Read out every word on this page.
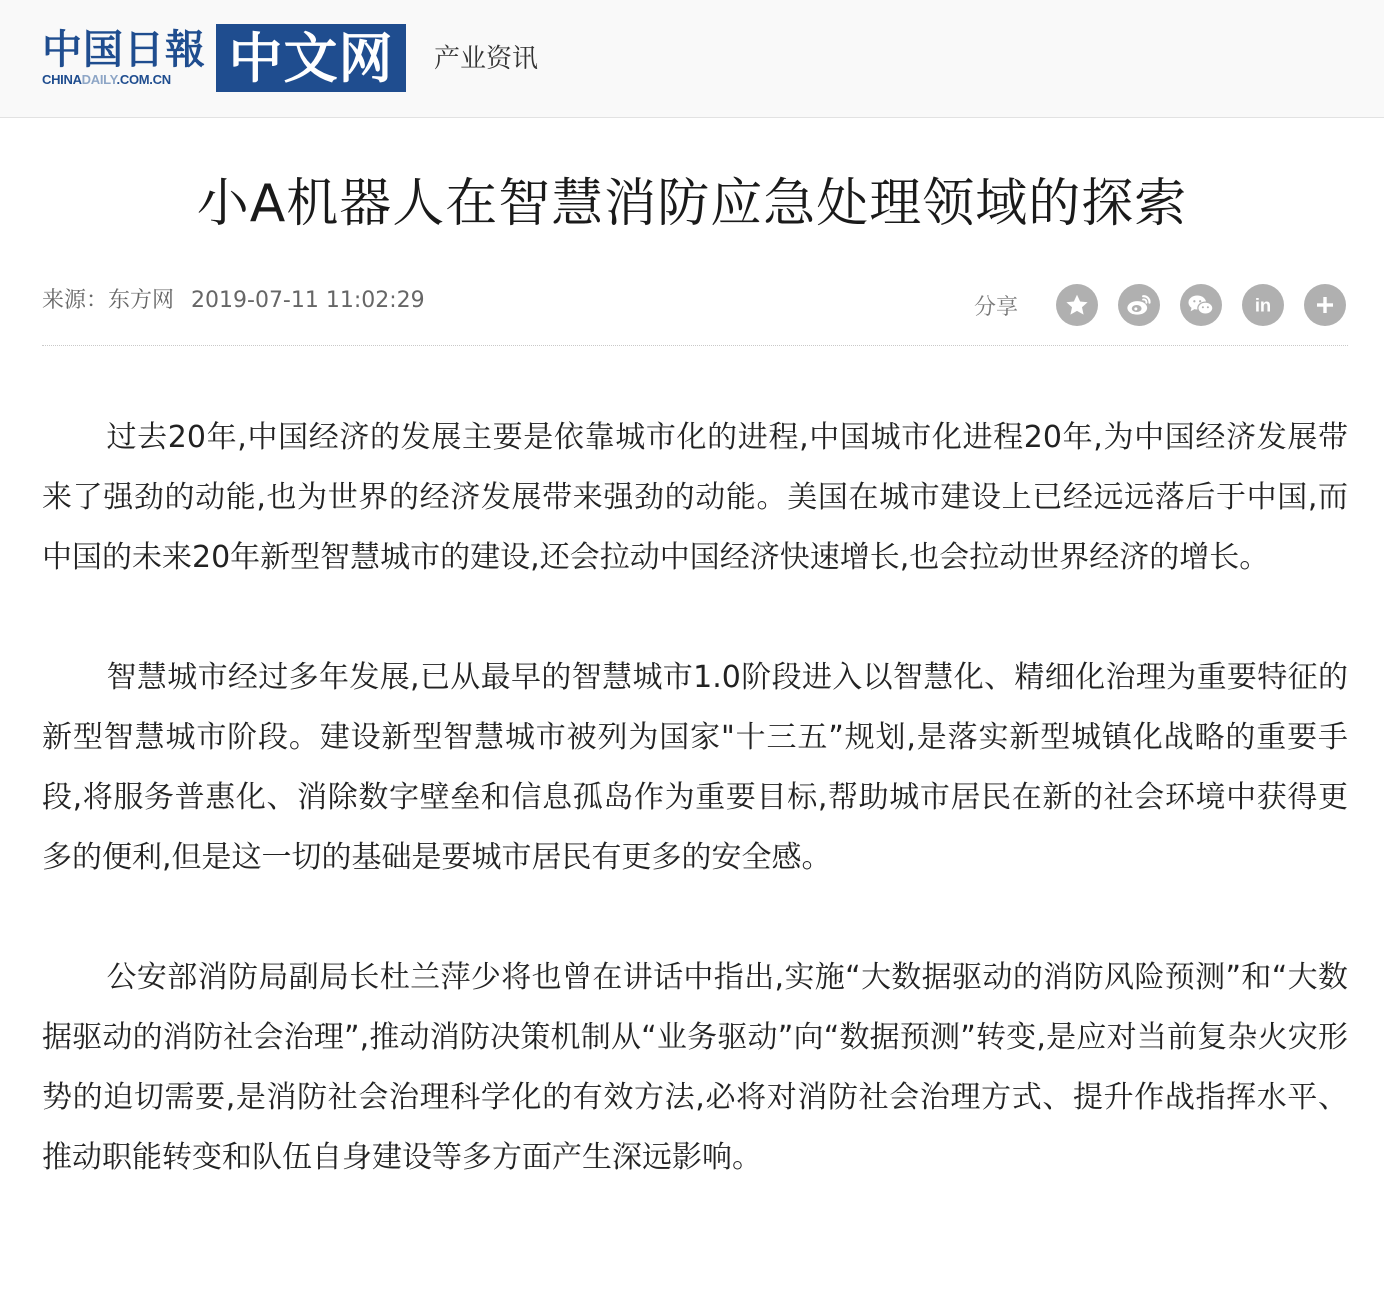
中国日報
CHINADAILY.COM.CN	中文网	产业资讯
小A机器人在智慧消防应急处理领域的探索
来源：东方网 2019-07-11 11:02:29	分享	in

过去20年,中国经济的发展主要是依靠城市化的进程,中国城市化进程20年,为中国经济发展带来了强劲的动能,也为世界的经济发展带来强劲的动能。美国在城市建设上已经远远落后于中国,而中国的未来20年新型智慧城市的建设,还会拉动中国经济快速增长,也会拉动世界经济的增长。

智慧城市经过多年发展,已从最早的智慧城市1.0阶段进入以智慧化、精细化治理为重要特征的新型智慧城市阶段。建设新型智慧城市被列为国家"十三五”规划,是落实新型城镇化战略的重要手段,将服务普惠化、消除数字壁垒和信息孤岛作为重要目标,帮助城市居民在新的社会环境中获得更多的便利,但是这一切的基础是要城市居民有更多的安全感。

公安部消防局副局长杜兰萍少将也曾在讲话中指出,实施“大数据驱动的消防风险预测”和“大数据驱动的消防社会治理”,推动消防决策机制从“业务驱动”向“数据预测”转变,是应对当前复杂火灾形势的迫切需要,是消防社会治理科学化的有效方法,必将对消防社会治理方式、提升作战指挥水平、推动职能转变和队伍自身建设等多方面产生深远影响。
